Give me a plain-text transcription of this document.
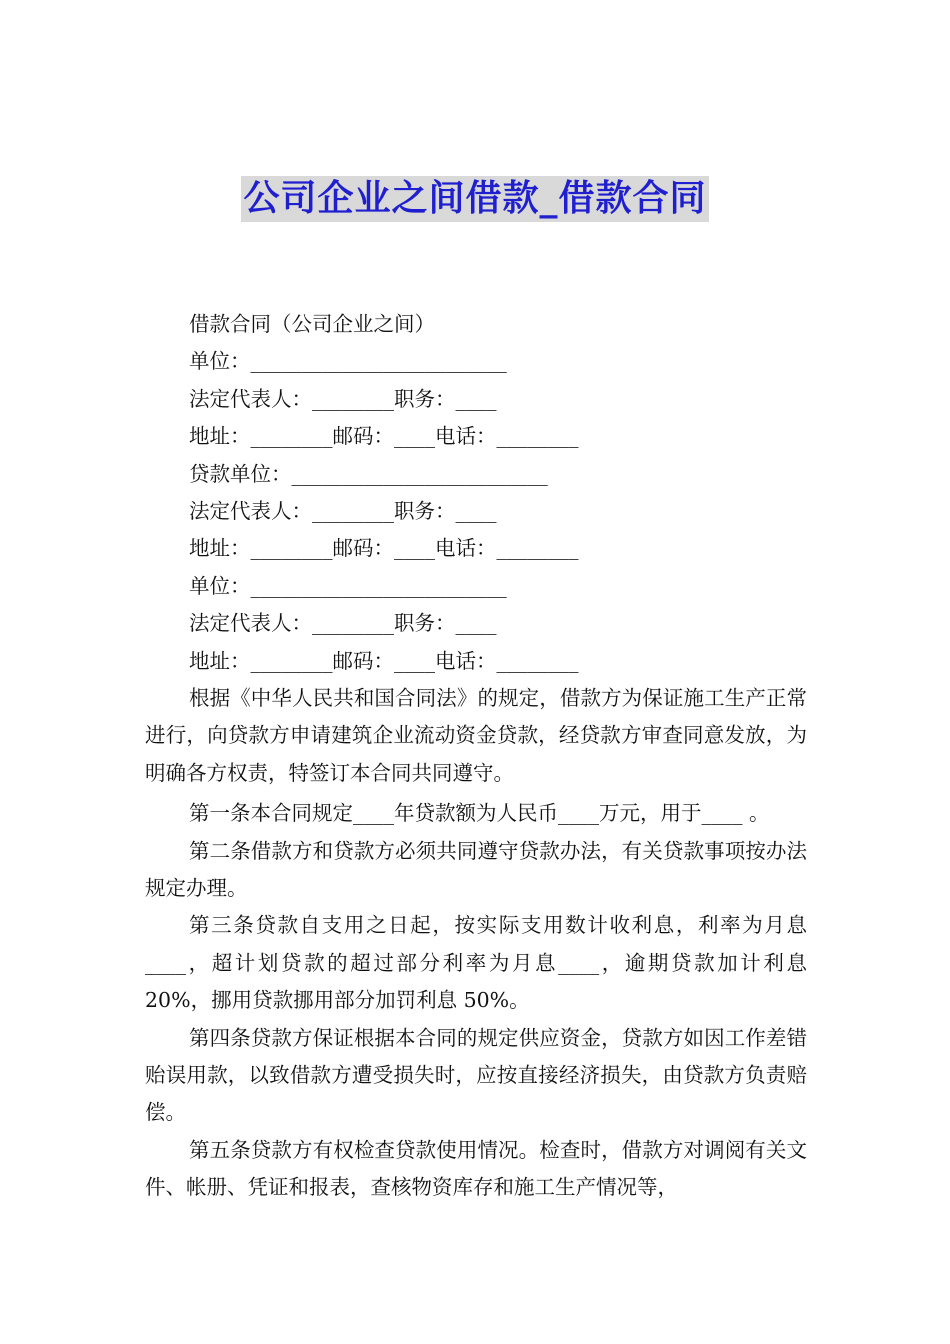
公司企业之间借款_借款合同
借款合同（公司企业之间）
单位：_________________________
法定代表人：________职务：____
地址：________邮码：____电话：________
贷款单位：_________________________
法定代表人：________职务：____
地址：________邮码：____电话：________
单位：_________________________
法定代表人：________职务：____
地址：________邮码：____电话：________

根据《中华人民共和国合同法》的规定，借款方为保证施工生产正常进行，向贷款方申请建筑企业流动资金贷款，经贷款方审查同意发放，为明确各方权责，特签订本合同共同遵守。

第一条本合同规定____年贷款额为人民币____万元，用于____ 。

第二条借款方和贷款方必须共同遵守贷款办法，有关贷款事项按办法规定办理。

第三条贷款自支用之日起，按实际支用数计收利息，利率为月息____，超计划贷款的超过部分利率为月息____，逾期贷款加计利息 20%，挪用贷款挪用部分加罚利息 50%。

第四条贷款方保证根据本合同的规定供应资金，贷款方如因工作差错贻误用款，以致借款方遭受损失时，应按直接经济损失，由贷款方负责赔偿。

第五条贷款方有权检查贷款使用情况。检查时，借款方对调阅有关文件、帐册、凭证和报表，查核物资库存和施工生产情况等，
